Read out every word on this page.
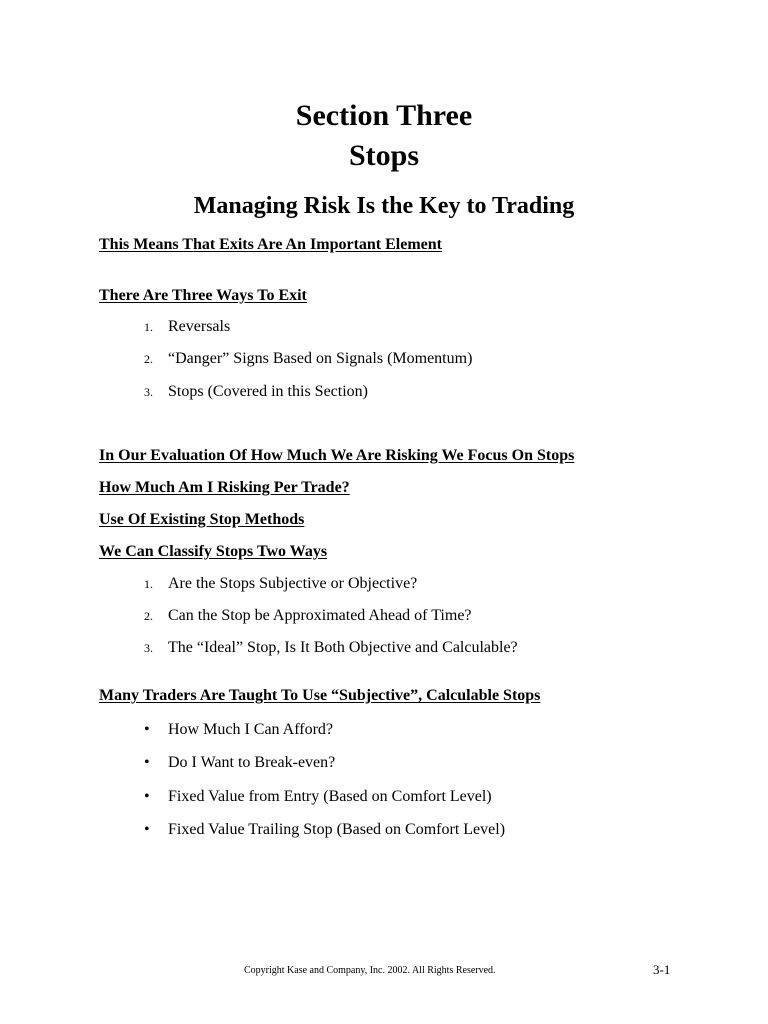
Section Three
Stops
Managing Risk Is the Key to Trading
This Means That Exits Are An Important Element
There Are Three Ways To Exit
1. Reversals
2. “Danger” Signs Based on Signals (Momentum)
3. Stops (Covered in this Section)
In Our Evaluation Of How Much We Are Risking We Focus On Stops
How Much Am I Risking Per Trade?
Use Of Existing Stop Methods
We Can Classify Stops Two Ways
1. Are the Stops Subjective or Objective?
2. Can the Stop be Approximated Ahead of Time?
3. The “Ideal” Stop, Is It Both Objective and Calculable?
Many Traders Are Taught To Use “Subjective”, Calculable Stops
• How Much I Can Afford?
• Do I Want to Break-even?
• Fixed Value from Entry (Based on Comfort Level)
• Fixed Value Trailing Stop (Based on Comfort Level)
Copyright Kase and Company, Inc. 2002. All Rights Reserved.	3-1
